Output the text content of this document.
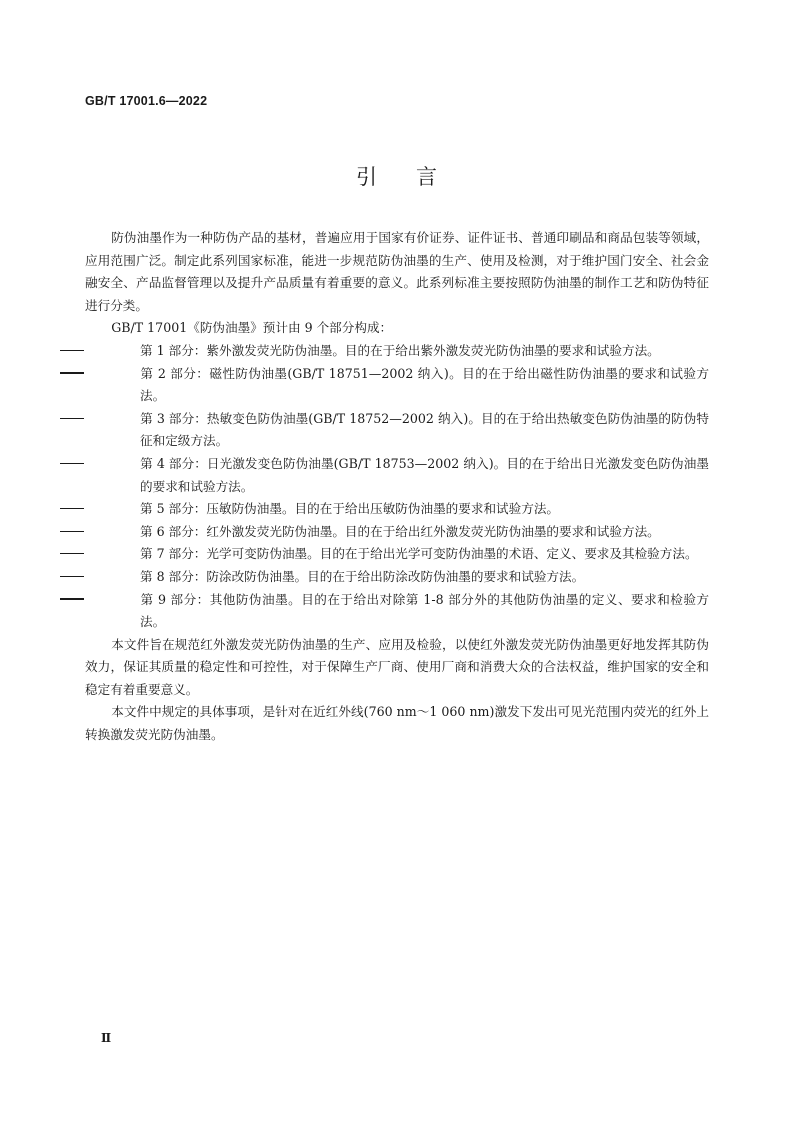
GB/T 17001.6—2022
引 言

防伪油墨作为一种防伪产品的基材，普遍应用于国家有价证券、证件证书、普通印刷品和商品包装等领域，应用范围广泛。制定此系列国家标准，能进一步规范防伪油墨的生产、使用及检测，对于维护国门安全、社会金融安全、产品监督管理以及提升产品质量有着重要的意义。此系列标准主要按照防伪油墨的制作工艺和防伪特征进行分类。

GB/T 17001《防伪油墨》预计由 9 个部分构成：

第 1 部分：紫外激发荧光防伪油墨。目的在于给出紫外激发荧光防伪油墨的要求和试验方法。

第 2 部分：磁性防伪油墨(GB/T 18751—2002 纳入)。目的在于给出磁性防伪油墨的要求和试验方法。

第 3 部分：热敏变色防伪油墨(GB/T 18752—2002 纳入)。目的在于给出热敏变色防伪油墨的防伪特征和定级方法。

第 4 部分：日光激发变色防伪油墨(GB/T 18753—2002 纳入)。目的在于给出日光激发变色防伪油墨的要求和试验方法。

第 5 部分：压敏防伪油墨。目的在于给出压敏防伪油墨的要求和试验方法。

第 6 部分：红外激发荧光防伪油墨。目的在于给出红外激发荧光防伪油墨的要求和试验方法。

第 7 部分：光学可变防伪油墨。目的在于给出光学可变防伪油墨的术语、定义、要求及其检验方法。

第 8 部分：防涂改防伪油墨。目的在于给出防涂改防伪油墨的要求和试验方法。

第 9 部分：其他防伪油墨。目的在于给出对除第 1-8 部分外的其他防伪油墨的定义、要求和检验方法。

本文件旨在规范红外激发荧光防伪油墨的生产、应用及检验，以使红外激发荧光防伪油墨更好地发挥其防伪效力，保证其质量的稳定性和可控性，对于保障生产厂商、使用厂商和消费大众的合法权益，维护国家的安全和稳定有着重要意义。

本文件中规定的具体事项，是针对在近红外线(760 nm～1 060 nm)激发下发出可见光范围内荧光的红外上转换激发荧光防伪油墨。

Ⅱ
